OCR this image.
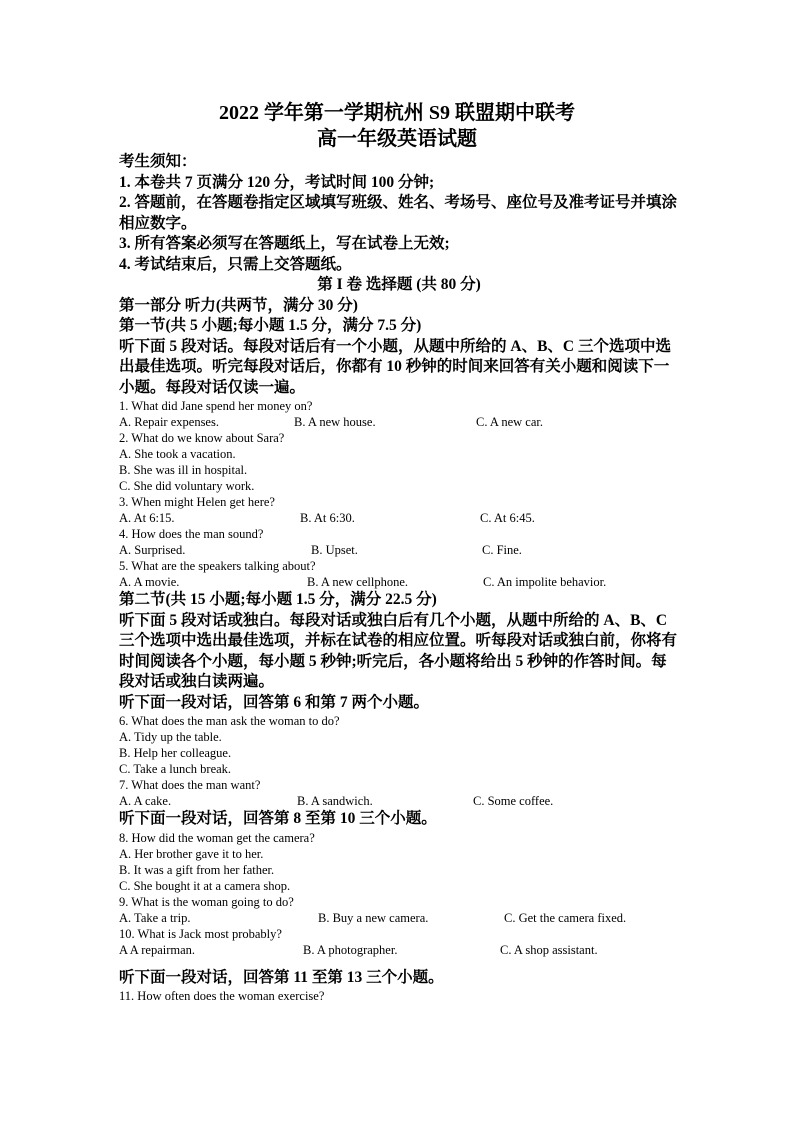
2022 学年第一学期杭州 S9 联盟期中联考
高一年级英语试题
考生须知：
1. 本卷共 7 页满分 120 分，考试时间 100 分钟;
2. 答题前，在答题卷指定区域填写班级、姓名、考场号、座位号及准考证号并填涂相应数字。
3. 所有答案必须写在答题纸上，写在试卷上无效;
4. 考试结束后，只需上交答题纸。
第 I 卷 选择题 (共 80 分)
第一部分 听力(共两节，满分 30 分)
第一节(共 5 小题;每小题 1.5 分，满分 7.5 分)
听下面 5 段对话。每段对话后有一个小题，从题中所给的 A、B、C 三个选项中选出最佳选项。听完每段对话后，你都有 10 秒钟的时间来回答有关小题和阅读下一小题。每段对话仅读一遍。
1. What did Jane spend her money on?
A. Repair expenses.	B. A new house.	C. A new car.
2. What do we know about Sara?
A. She took a vacation.
B. She was ill in hospital.
C. She did voluntary work.
3. When might Helen get here?
A. At 6:15.	B. At 6:30.	C. At 6:45.
4. How does the man sound?
A. Surprised.	B. Upset.	C. Fine.
5. What are the speakers talking about?
A. A movie.	B. A new cellphone.	C. An impolite behavior.
第二节(共 15 小题;每小题 1.5 分，满分 22.5 分)
听下面 5 段对话或独白。每段对话或独白后有几个小题，从题中所给的 A、B、C 三个选项中选出最佳选项，并标在试卷的相应位置。听每段对话或独白前，你将有时间阅读各个小题，每小题 5 秒钟;听完后，各小题将给出 5 秒钟的作答时间。每段对话或独白读两遍。
听下面一段对话，回答第 6 和第 7 两个小题。
6. What does the man ask the woman to do?
A. Tidy up the table.
B. Help her colleague.
C. Take a lunch break.
7. What does the man want?
A. A cake.	B. A sandwich.	C. Some coffee.
听下面一段对话，回答第 8 至第 10 三个小题。
8. How did the woman get the camera?
A. Her brother gave it to her.
B. It was a gift from her father.
C. She bought it at a camera shop.
9. What is the woman going to do?
A. Take a trip.	B. Buy a new camera.	C. Get the camera fixed.
10. What is Jack most probably?
A A repairman.	B. A photographer.	C. A shop assistant.
听下面一段对话，回答第 11 至第 13 三个小题。
11. How often does the woman exercise?
